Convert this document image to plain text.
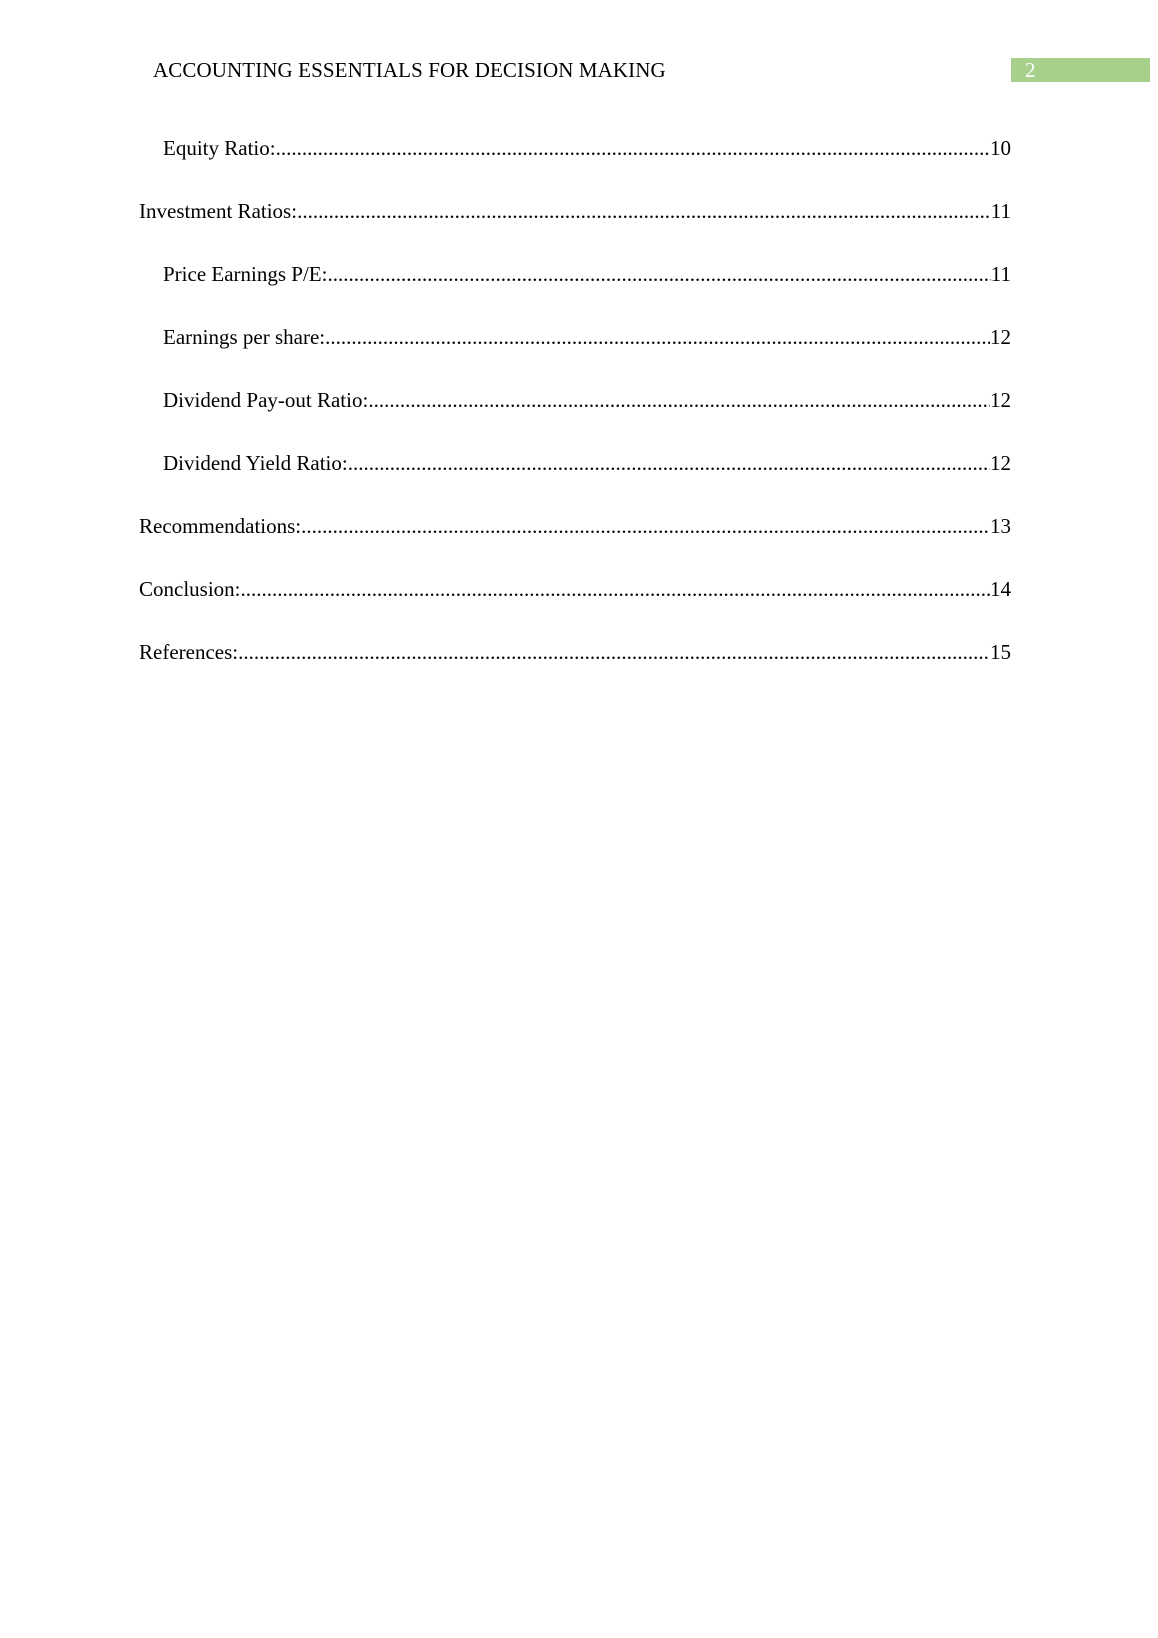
ACCOUNTING ESSENTIALS FOR DECISION MAKING	2
Equity Ratio: .....	10
Investment Ratios: .....	11
Price Earnings P/E: .....	11
Earnings per share: .....	12
Dividend Pay-out Ratio: .....	12
Dividend Yield Ratio: .....	12
Recommendations: .....	13
Conclusion: .....	14
References: .....	15
